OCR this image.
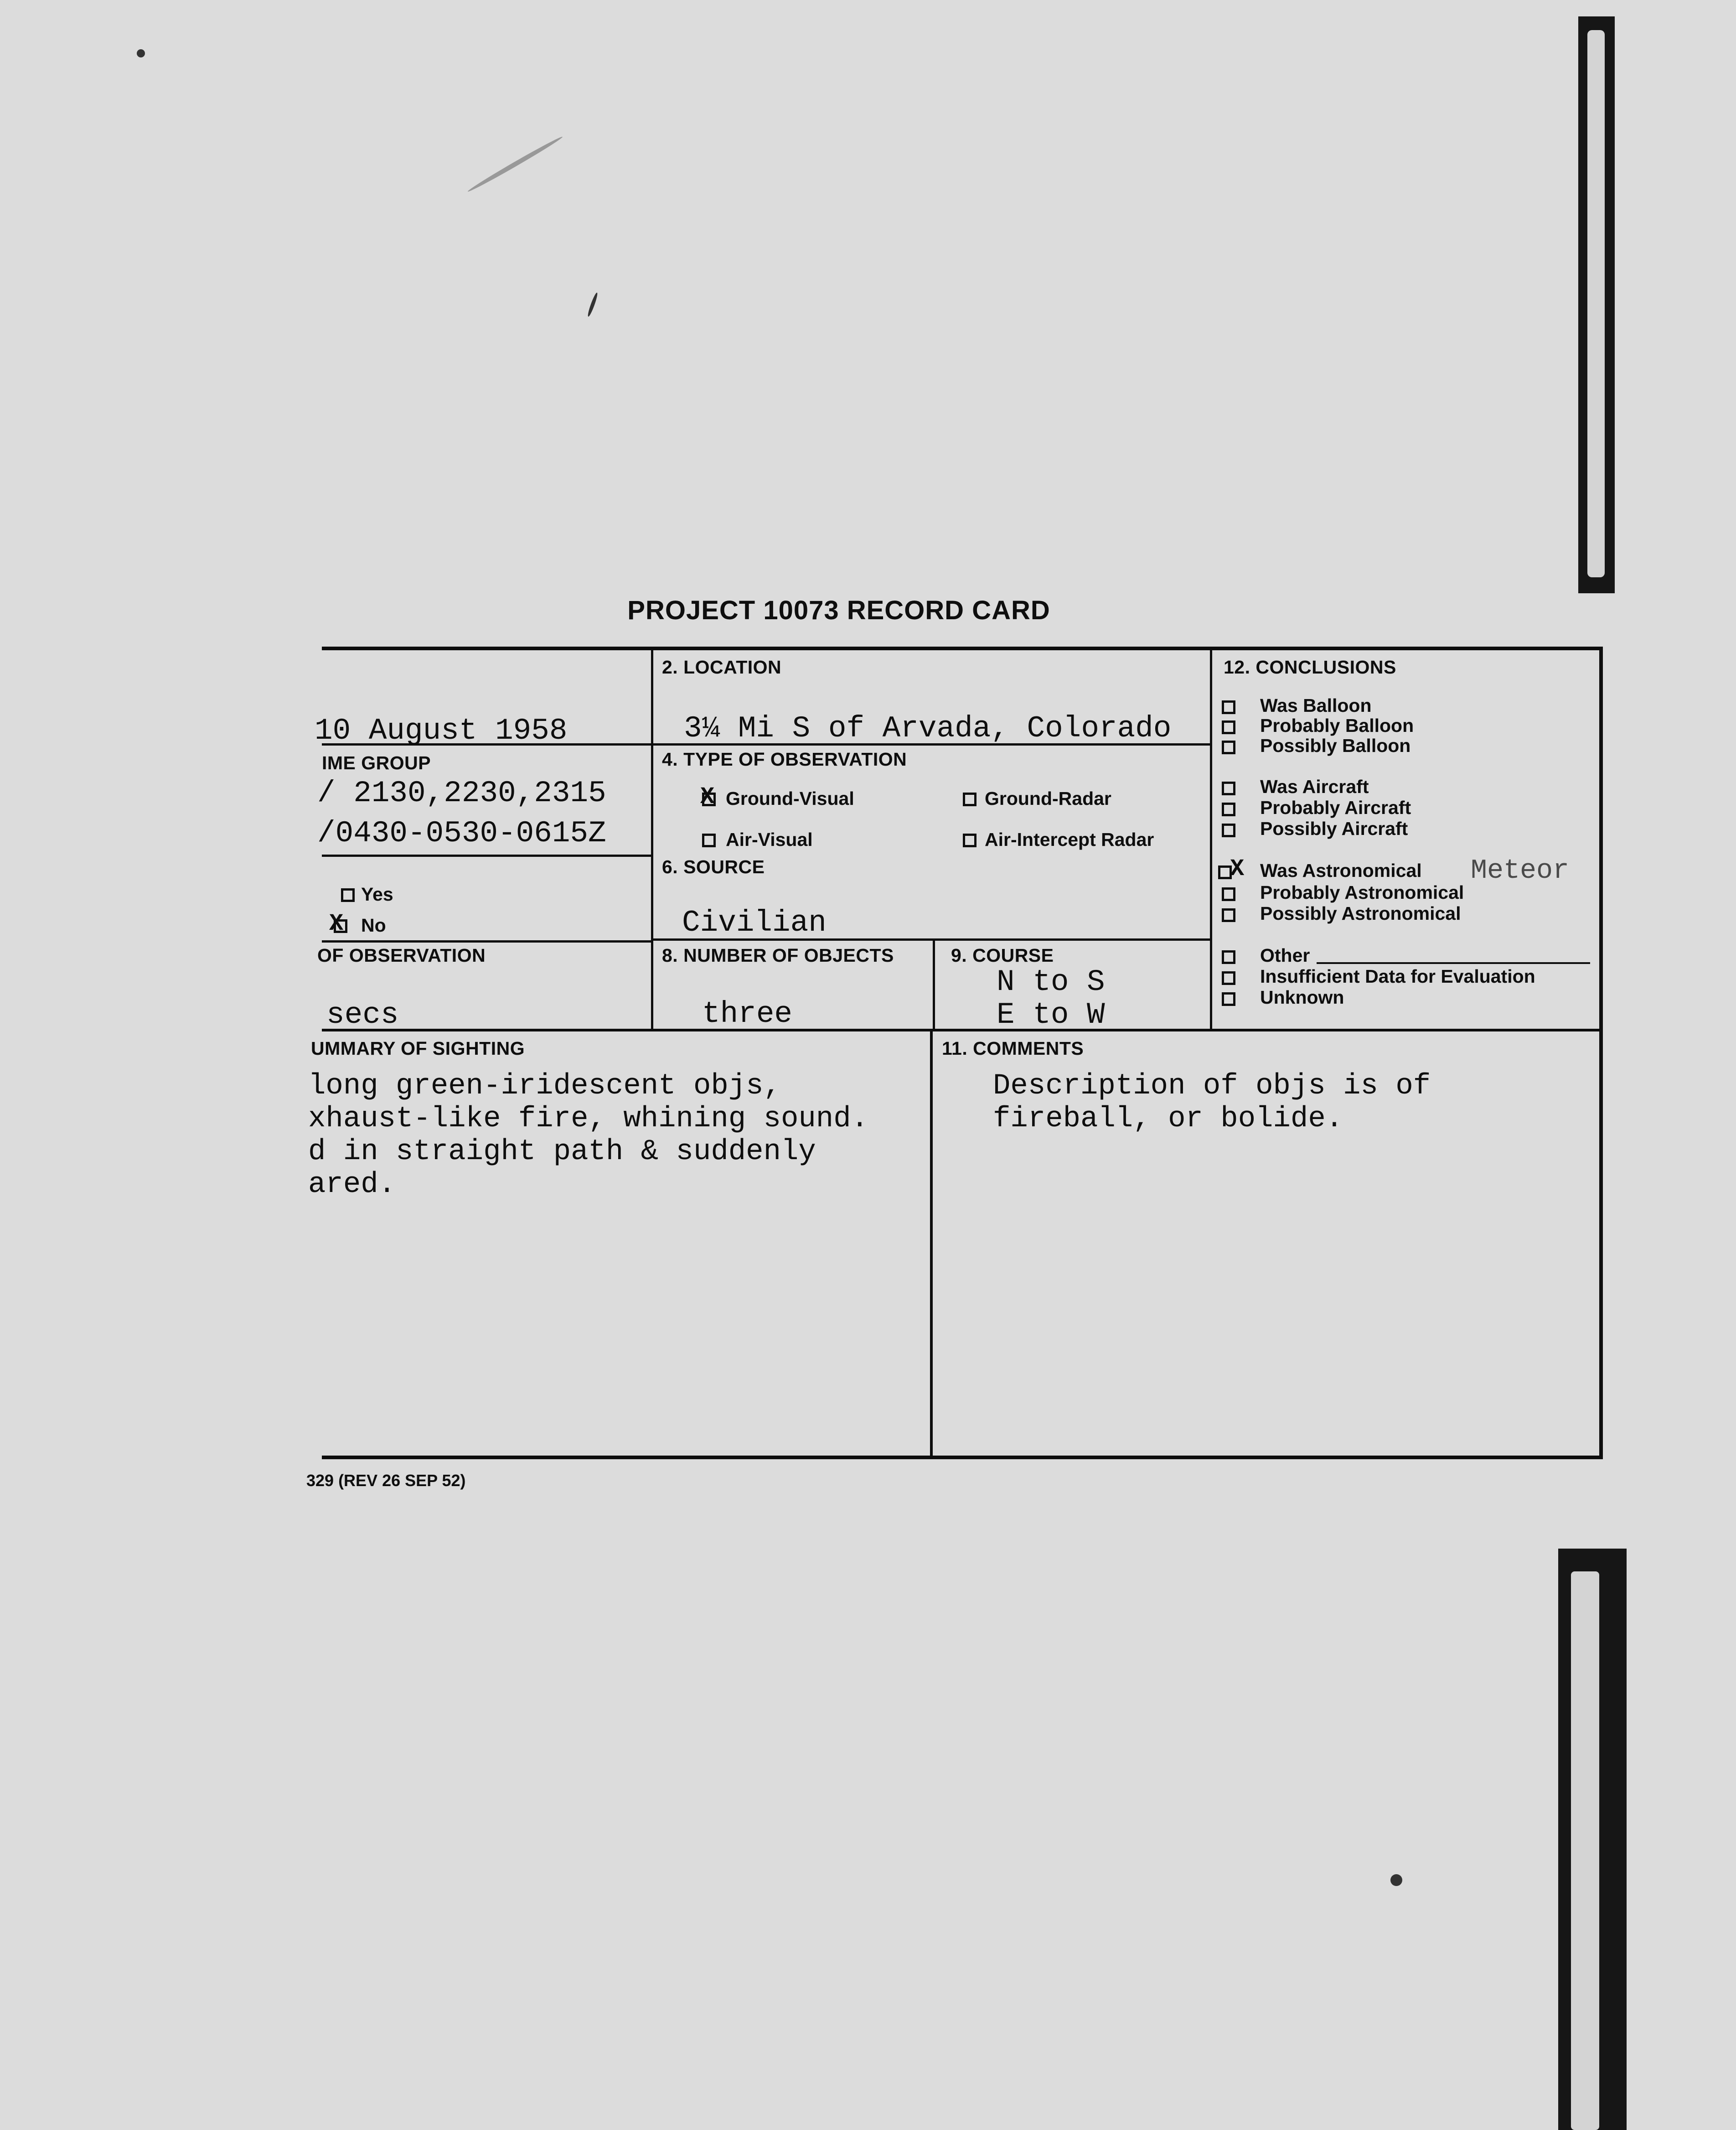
PROJECT 10073 RECORD CARD
10 August 1958
2. LOCATION
3¼ Mi S of Arvada, Colorado
IME GROUP
/ 2130,2230,2315
/0430-0530-0615Z
4. TYPE OF OBSERVATION
X Ground-Visual	Ground-Radar
Air-Visual	Air-Intercept Radar
Yes
X No
6. SOURCE
Civilian
OF OBSERVATION
secs
8. NUMBER OF OBJECTS
three
9. COURSE
N to S
E to W
UMMARY OF SIGHTING
long green-iridescent objs,
xhaust-like fire, whining sound.
d in straight path & suddenly
ared.
11. COMMENTS
Description of objs is of
fireball, or bolide.
12. CONCLUSIONS
Was Balloon
Probably Balloon
Possibly Balloon
Was Aircraft
Probably Aircraft
Possibly Aircraft
X Was Astronomical Meteor
Probably Astronomical
Possibly Astronomical
Other
Insufficient Data for Evaluation
Unknown
329 (REV 26 SEP 52)
